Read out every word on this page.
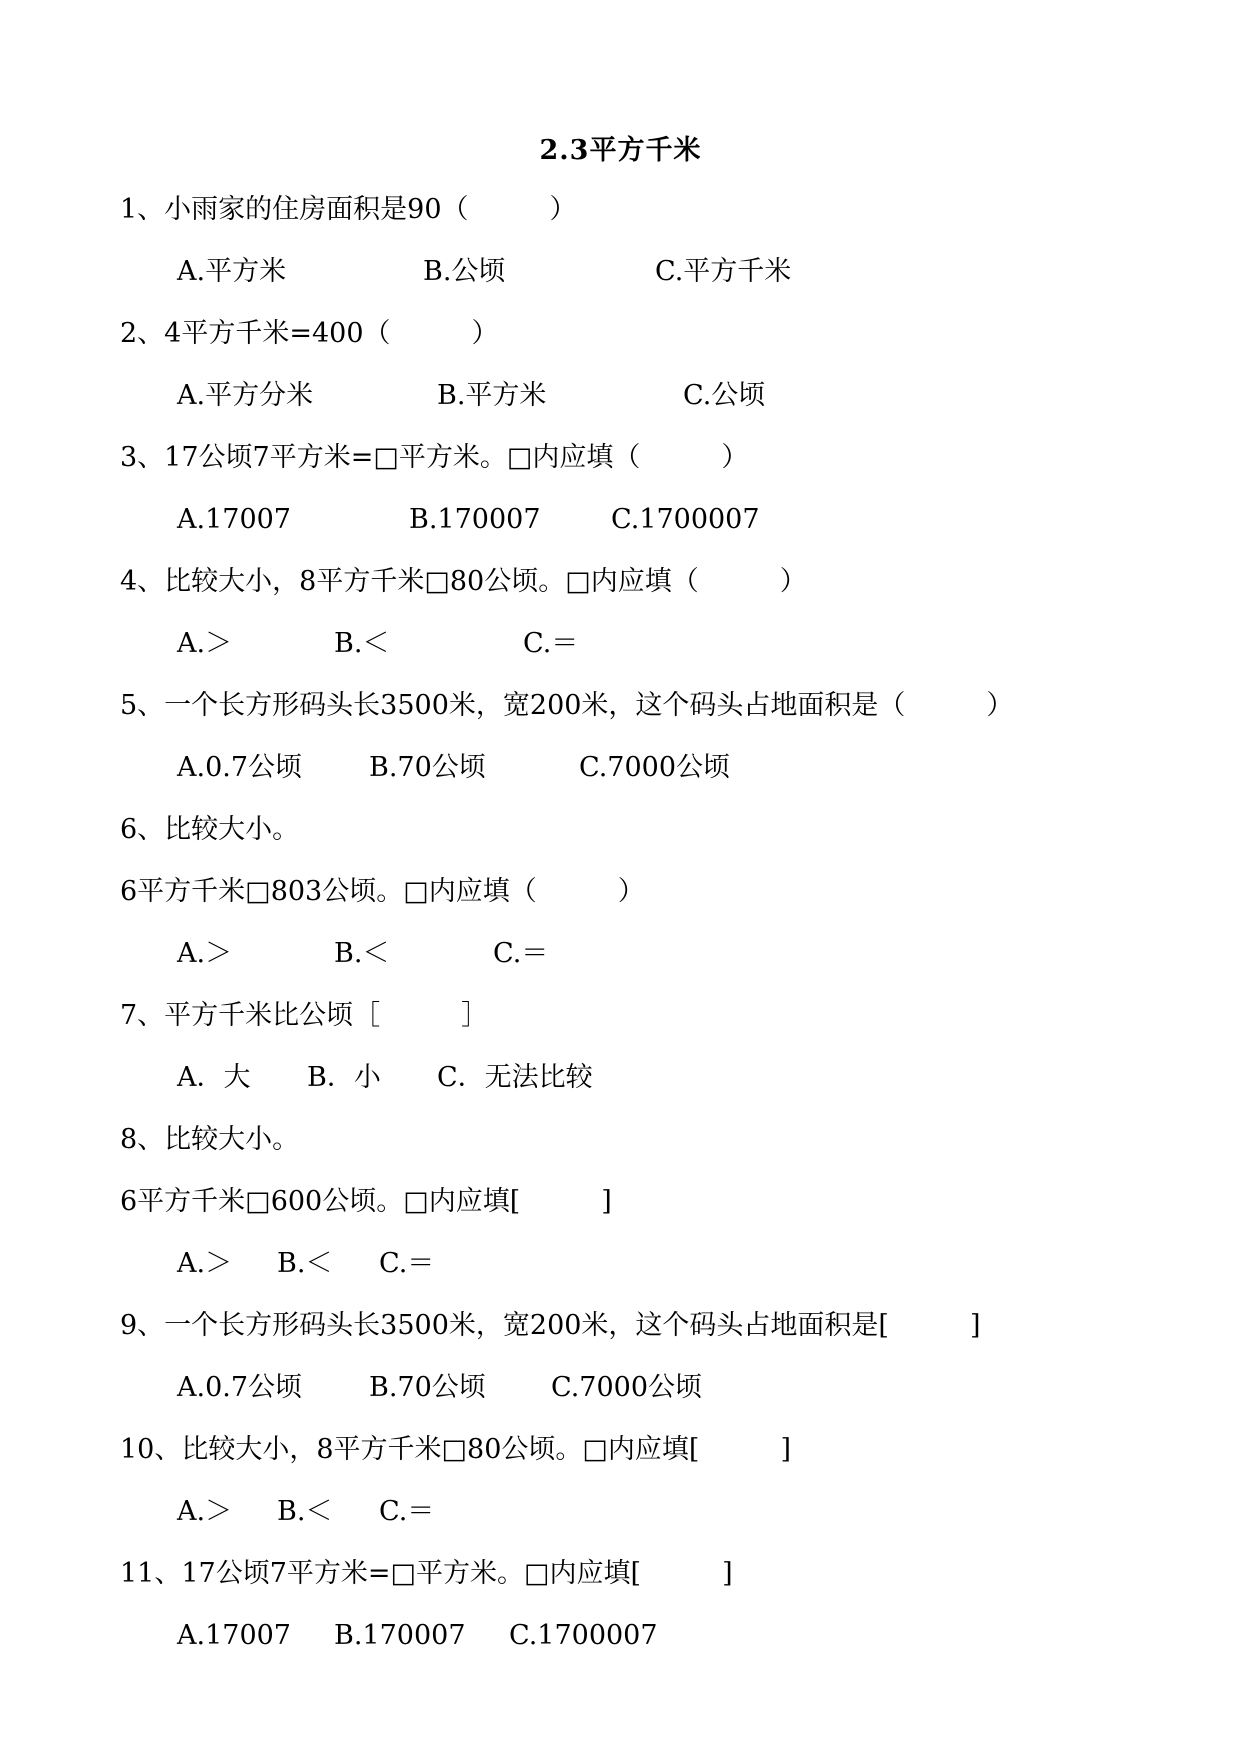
2.3平方千米
1、小雨家的住房面积是90（　　　）
A.平方米	B.公顷	C.平方千米
2、4平方千米=400（　　　）
A.平方分米	B.平方米	C.公顷
3、17公顷7平方米=□平方米。□内应填（　　　）
A.17007	B.170007	C.1700007
4、比较大小，8平方千米□80公顷。□内应填（　　　）
A.＞	B.＜	C.＝
5、一个长方形码头长3500米，宽200米，这个码头占地面积是（　　　）
A.0.7公顷 B.70公顷	C.7000公顷
6、比较大小。
6平方千米□803公顷。□内应填（　　　）
A.＞	B.＜	C.＝
7、平方千米比公顷［　　　］
A．大 B．小 C．无法比较
8、比较大小。
6平方千米□600公顷。□内应填[　　　]
A.＞ B.＜ C.＝
9、一个长方形码头长3500米，宽200米，这个码头占地面积是[　　　]
A.0.7公顷 B.70公顷 C.7000公顷
10、比较大小，8平方千米□80公顷。□内应填[　　　]
A.＞ B.＜ C.＝
11、17公顷7平方米=□平方米。□内应填[　　　]
A.17007 B.170007 C.1700007
